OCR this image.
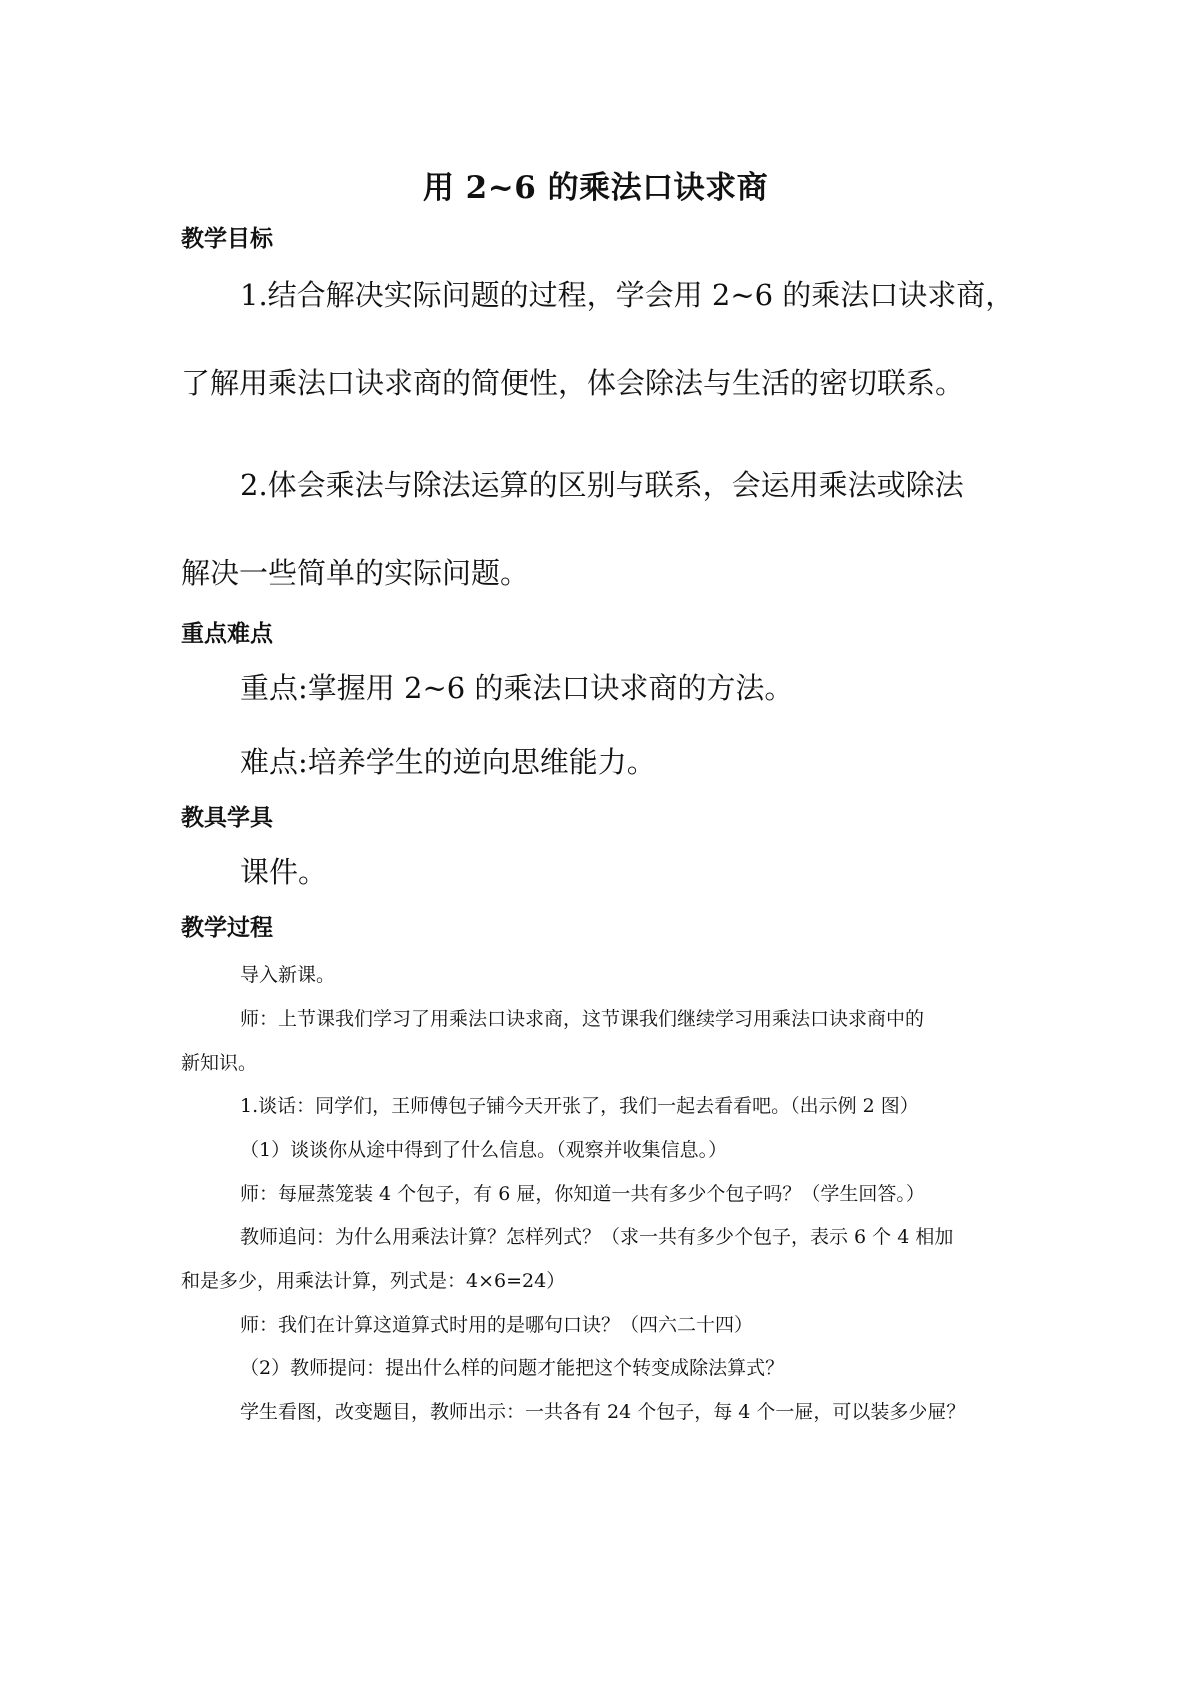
用 2~6 的乘法口诀求商
教学目标
1.结合解决实际问题的过程，学会用 2~6 的乘法口诀求商，
了解用乘法口诀求商的简便性，体会除法与生活的密切联系。
2.体会乘法与除法运算的区别与联系，会运用乘法或除法
解决一些简单的实际问题。
重点难点
重点:掌握用 2~6 的乘法口诀求商的方法。
难点:培养学生的逆向思维能力。
教具学具
课件。
教学过程
导入新课。
师：上节课我们学习了用乘法口诀求商，这节课我们继续学习用乘法口诀求商中的
新知识。
1.谈话：同学们，王师傅包子铺今天开张了，我们一起去看看吧。（出示例 2 图）
（1）谈谈你从途中得到了什么信息。（观察并收集信息。）
师：每屉蒸笼装 4 个包子，有 6 屉，你知道一共有多少个包子吗？（学生回答。）
教师追问：为什么用乘法计算？怎样列式？（求一共有多少个包子，表示 6 个 4 相加
和是多少，用乘法计算，列式是：4×6=24）
师：我们在计算这道算式时用的是哪句口诀？（四六二十四）
（2）教师提问：提出什么样的问题才能把这个转变成除法算式？
学生看图，改变题目，教师出示：一共各有 24 个包子，每 4 个一屉，可以装多少屉？
